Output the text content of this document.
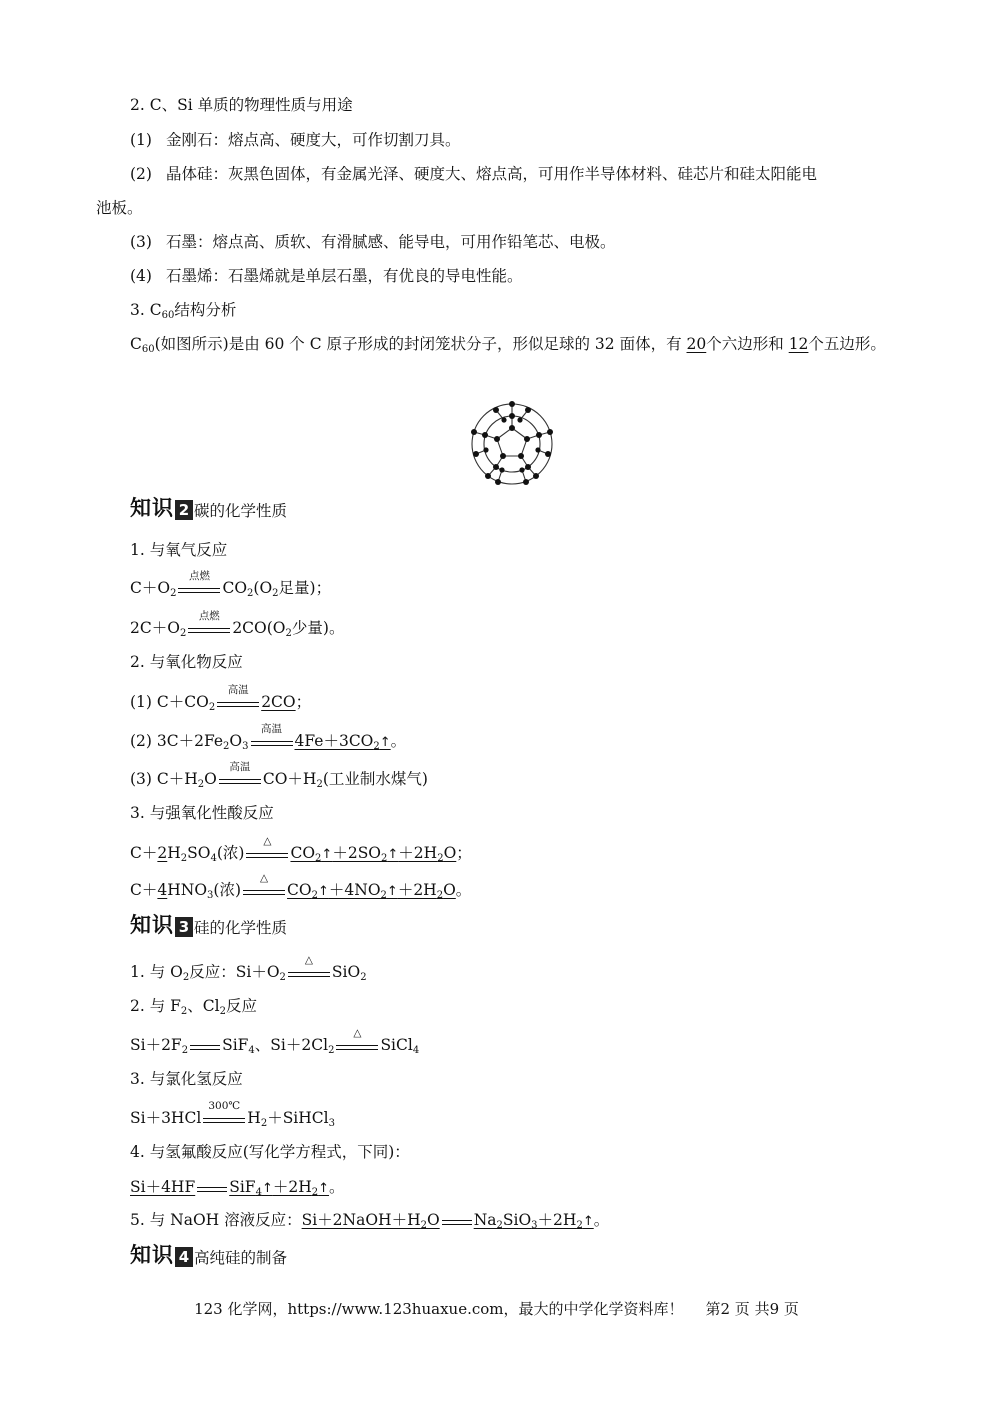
2. C、Si 单质的物理性质与用途
(1) 金刚石：熔点高、硬度大，可作切割刀具。
(2) 晶体硅：灰黑色固体，有金属光泽、硬度大、熔点高，可用作半导体材料、硅芯片和硅太阳能电
池板。
(3) 石墨：熔点高、质软、有滑腻感、能导电，可用作铅笔芯、电极。
(4) 石墨烯：石墨烯就是单层石墨，有优良的导电性能。
3. $C_{60}$结构分析
$C_{60}$(如图所示)是由 60 个 C 原子形成的封闭笼状分子，形似足球的 32 面体，有 20个六边形和 12个五边形。
知识 2 碳的化学性质
1. 与氧气反应
$C+O_2$
点燃
$CO_2(O_2$足量)；
$2C+O_2$
点燃
$2CO(O_2$少量)。
2. 与氧化物反应
(1) $C+CO_2$
高温
2CO；
(2) $3C+2Fe_2O_3$
高温
$4Fe+3CO_2↑$。
(3) $C+H_2O$
高温
$CO+H_2$(工业制水煤气)
3. 与强氧化性酸反应
$C+2H_2SO_4$(浓)
△
$CO_2↑+2SO_2↑+2H_2O$；
$C+4HNO_3$(浓)
△
$CO_2↑+4NO_2↑+2H_2O$。
知识 3 硅的化学性质
1. 与 $O_2$反应：$Si+O_2$
△
SiO$_2$
2. 与 $F_2$、$Cl_2$反应
$Si+2F_2$ SiF$_4$、$Si+2Cl_2$
△
SiCl$_4$
3. 与氯化氢反应
Si＋3HCl
300℃
$H_2+SiHCl_3$
4. 与氢氟酸反应(写化学方程式，下同)：
Si＋4HF $SiF_4↑+2H_2↑$。
5. 与 NaOH 溶液反应：$Si+2NaOH+H_2O$ $Na_2SiO_3+2H_2↑$。
知识 4 高纯硅的制备
123 化学网，https://www.123huaxue.com，最大的中学化学资料库！ 第2 页 共9 页
